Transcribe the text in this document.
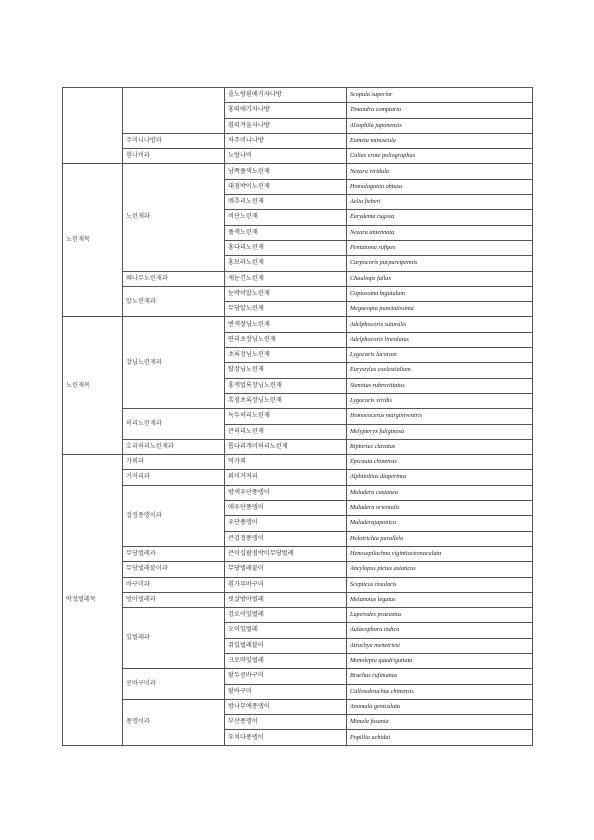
		줄노랑흰애기자나방	Scopula superior
		홍띠애기자나방	Timandra comptaria
		흰띠겨울자나방	Alsophila japonensis
	주머니나방과	차주머니나방	Eumeta minuscula
	흰나비과	노랑나비	Colias erate poliographus
노린재목	노린재과	남쪽풀색노린재	Nezara viridula
		대점박이노린재	Homalogonia obtusa
		메추리노린재	Aelia fieberi
		비단노린재	Eurydema rugosa
		풀색노린재	Nezara antennata
		홍다리노린재	Pentatoma rufipes
		홍보라노린재	Carpocoris purpureipennis
	쐐나무노린재과	게눈긴노린재	Chauliops fallax
	알노린재과	눈박이알노린재	Coptosoma bigutulum
		무당알노린재	Megacopta punctatissima
노린재목	장님노린재과	변색장님노린재	Adelphocoris suturalis
		연리초장님노린재	Adelphocoris lineolatus
		초록장님노린재	Lygocoris lucorum
		탈장님노린재	Eurystylus coelestialium
		홍색얼룩장님노린재	Stenotus rubrovittatus
		흑점초록장님노린재	Lygocoris viridis
	허리노린재과	녹두허리노린재	Homoeocerus marginiventris
		큰허리노린재	Melypteryx fuliginosa
	호리허리노린재과	톱다리개미허리노린재	Riptortus clavatus
딱정벌레목	가뢰과	먹가뢰	Epicauta chinensis
	거저리과	외미거저리	Alphitobius diaperinus
	검정풍뎅이과	밤색우단풍뎅이	Maladera castanea
		애우단풍뎅이	Maladera orientalis
		우단풍뎅이	Maladerajaponica
		큰검정풍뎅이	Holotrichia parallela
	무당벌레과	큰이십팔점박이무당벌레	Henosepilachna vigintioctomaculata
	무당벌레붙이과	무당벌레붙이	Ancylopus pictus asiaticus
	바구미과	흰가루바구미	Scepticus insularis
	방아벌레과	빗살방아벌레	Melanotus legatus
	잎벌레과	검오이잎벌레	Luperodes praeustus
		오이잎벌레	Aulacophora indica
		쥐잎벌레붙이	Atrachya menetriesi
		크로바잎벌레	Monolepta quadriguttata
	콩바구미과	팥두콩바구미	Bruchus rufimanus
		팥바구미	Callosobruchus chinensis
	풍뎅이과	밤나무애풍뎅이	Anomala geniculata
		부산풍뎅이	Mimela fusania
		우치다풍뎅이	Popillia uchidai
